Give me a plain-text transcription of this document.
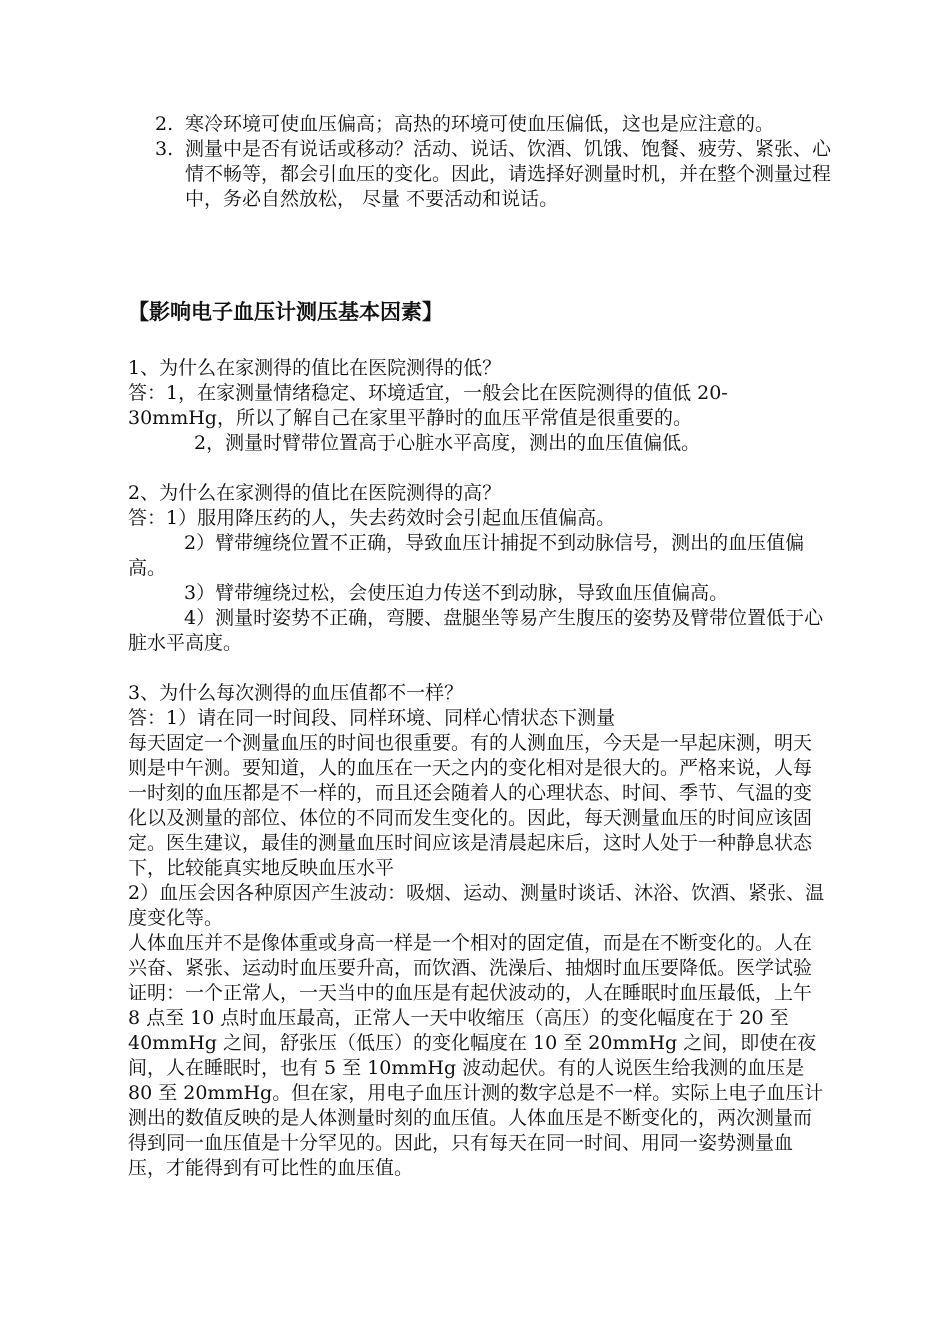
2. 寒冷环境可使血压偏高；高热的环境可使血压偏低，这也是应注意的。
3. 测量中是否有说话或移动？活动、说话、饮酒、饥饿、饱餐、疲劳、紧张、心情不畅等，都会引血压的变化。因此，请选择好测量时机，并在整个测量过程中，务必自然放松， 尽量 不要活动和说话。
【影响电子血压计测压基本因素】

1、为什么在家测得的值比在医院测得的低？

答：1，在家测量情绪稳定、环境适宜，一般会比在医院测得的值低 20-30mmHg，所以了解自己在家里平静时的血压平常值是很重要的。

2，测量时臂带位置高于心脏水平高度，测出的血压值偏低。

2、为什么在家测得的值比在医院测得的高？

答：1）服用降压药的人，失去药效时会引起血压值偏高。

2）臂带缠绕位置不正确，导致血压计捕捉不到动脉信号，测出的血压值偏高。

3）臂带缠绕过松，会使压迫力传送不到动脉，导致血压值偏高。

4）测量时姿势不正确，弯腰、盘腿坐等易产生腹压的姿势及臂带位置低于心脏水平高度。

3、为什么每次测得的血压值都不一样？

答：1）请在同一时间段、同样环境、同样心情状态下测量

每天固定一个测量血压的时间也很重要。有的人测血压，今天是一早起床测，明天则是中午测。要知道，人的血压在一天之内的变化相对是很大的。严格来说，人每一时刻的血压都是不一样的，而且还会随着人的心理状态、时间、季节、气温的变化以及测量的部位、体位的不同而发生变化的。因此，每天测量血压的时间应该固定。医生建议，最佳的测量血压时间应该是清晨起床后，这时人处于一种静息状态下，比较能真实地反映血压水平

2）血压会因各种原因产生波动：吸烟、运动、测量时谈话、沐浴、饮酒、紧张、温度变化等。

人体血压并不是像体重或身高一样是一个相对的固定值，而是在不断变化的。人在兴奋、紧张、运动时血压要升高，而饮酒、洗澡后、抽烟时血压要降低。医学试验证明：一个正常人，一天当中的血压是有起伏波动的，人在睡眠时血压最低，上午 8 点至 10 点时血压最高，正常人一天中收缩压（高压）的变化幅度在于 20 至 40mmHg 之间，舒张压（低压）的变化幅度在 10 至 20mmHg 之间，即使在夜间，人在睡眠时，也有 5 至 10mmHg 波动起伏。有的人说医生给我测的血压是 80 至 20mmHg。但在家，用电子血压计测的数字总是不一样。实际上电子血压计测出的数值反映的是人体测量时刻的血压值。人体血压是不断变化的，两次测量而得到同一血压值是十分罕见的。因此，只有每天在同一时间、用同一姿势测量血压，才能得到有可比性的血压值。
